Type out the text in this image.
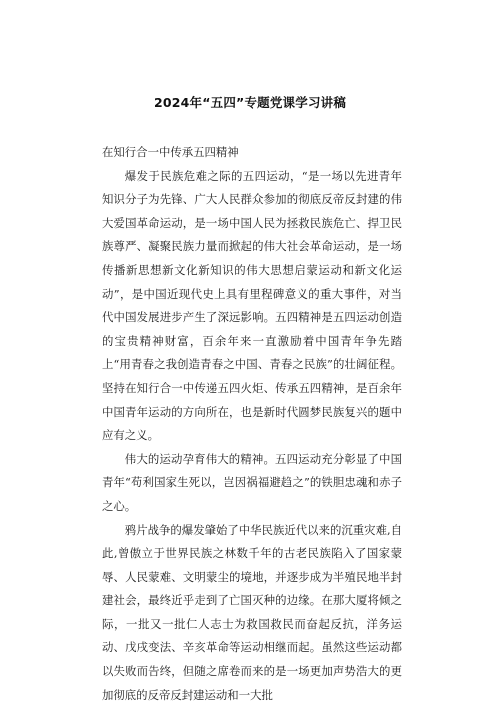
2024年“五四”专题党课学习讲稿

在知行合一中传承五四精神

爆发于民族危难之际的五四运动，“是一场以先进青年知识分子为先锋、广大人民群众参加的彻底反帝反封建的伟大爱国革命运动，是一场中国人民为拯救民族危亡、捍卫民族尊严、凝聚民族力量而掀起的伟大社会革命运动，是一场传播新思想新文化新知识的伟大思想启蒙运动和新文化运动”，是中国近现代史上具有里程碑意义的重大事件，对当代中国发展进步产生了深远影响。五四精神是五四运动创造的宝贵精神财富，百余年来一直激励着中国青年争先踏上“用青春之我创造青春之中国、青春之民族”的壮阔征程。坚持在知行合一中传递五四火炬、传承五四精神，是百余年中国青年运动的方向所在，也是新时代圆梦民族复兴的题中应有之义。

伟大的运动孕育伟大的精神。五四运动充分彰显了中国青年“苟利国家生死以，岂因祸福避趋之”的铁胆忠魂和赤子之心。

鸦片战争的爆发肇始了中华民族近代以来的沉重灾难,自此,曾傲立于世界民族之林数千年的古老民族陷入了国家蒙辱、人民蒙难、文明蒙尘的境地，并逐步成为半殖民地半封建社会，最终近乎走到了亡国灭种的边缘。在那大厦将倾之际，一批又一批仁人志士为救国救民而奋起反抗，洋务运动、戊戌变法、辛亥革命等运动相继而起。虽然这些运动都以失败而告终，但随之席卷而来的是一场更加声势浩大的更加彻底的反帝反封建运动和一大批
